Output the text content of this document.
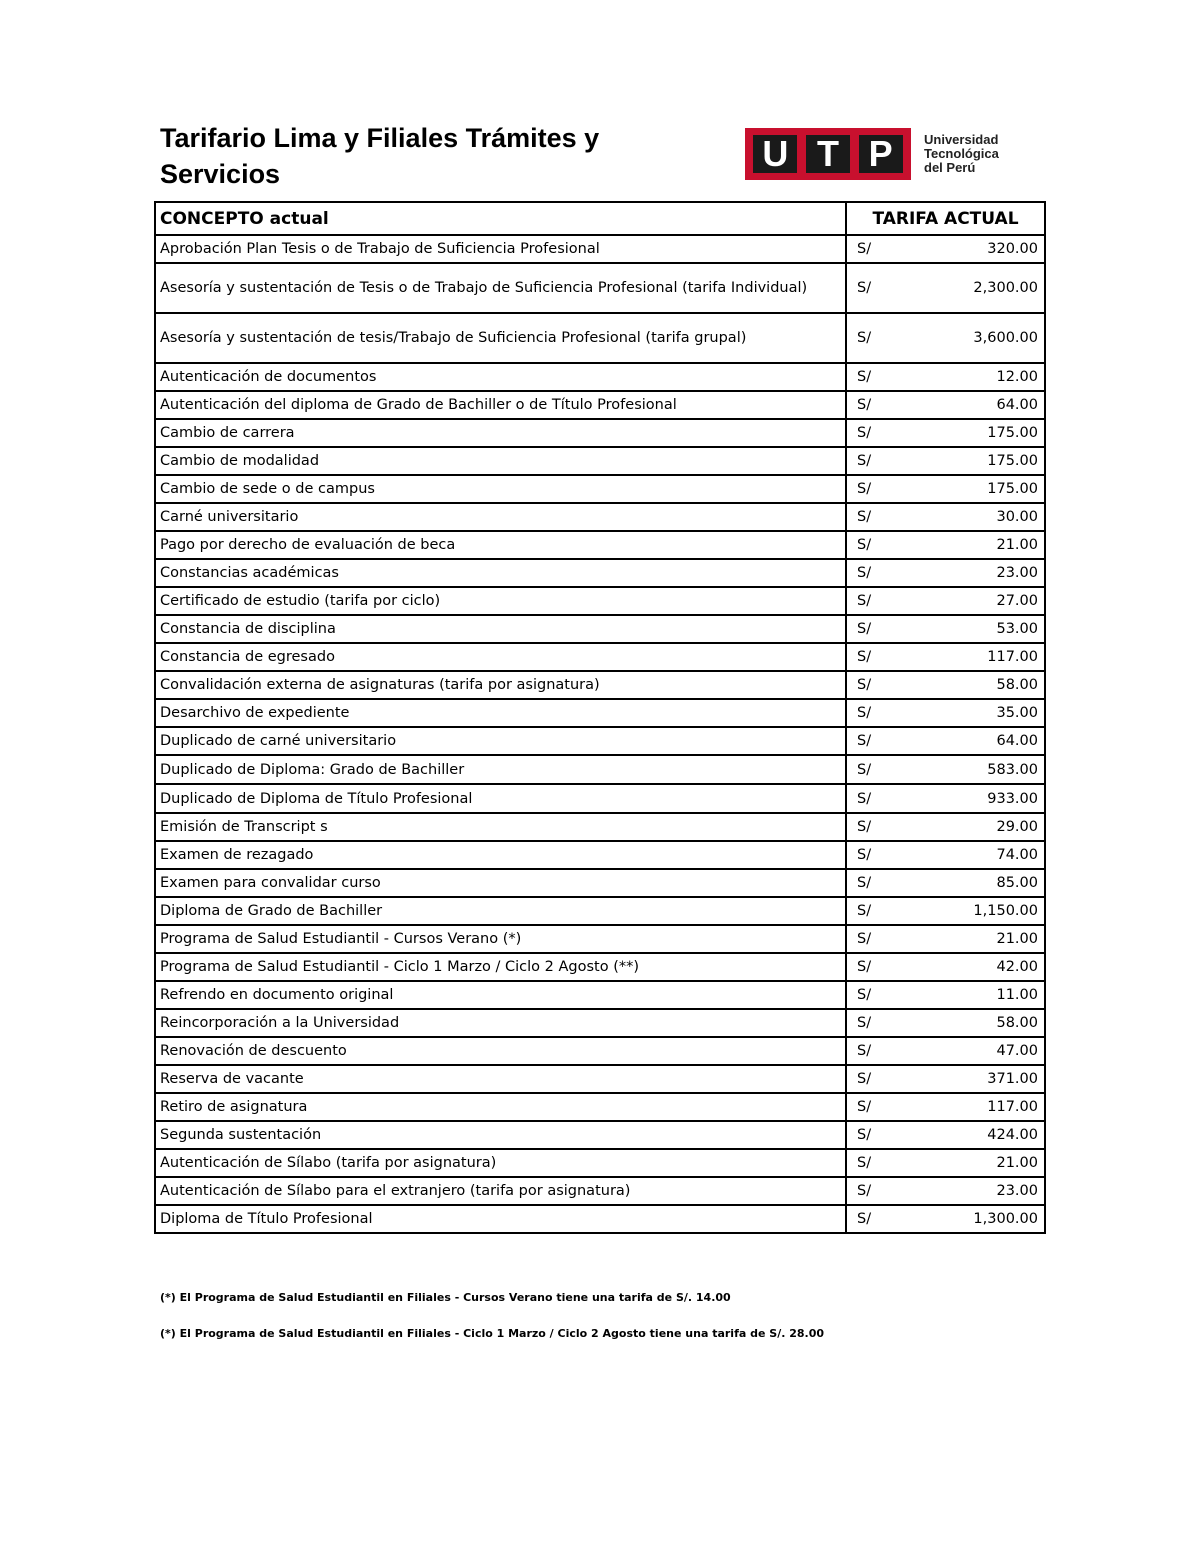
Tarifario Lima y Filiales Trámites y Servicios	U T P	Universidad
Tecnológica
del Perú
CONCEPTO actual	TARIFA ACTUAL
Aprobación Plan Tesis o de Trabajo de Suficiencia Profesional	S/ 320.00

Asesoría y sustentación de Tesis o de Trabajo de Suficiencia Profesional (tarifa Individual)	S/ 2,300.00

Asesoría y sustentación de tesis/Trabajo de Suficiencia Profesional (tarifa grupal)	S/ 3,600.00

Autenticación de documentos	S/ 12.00

Autenticación del diploma de Grado de Bachiller o de Título Profesional	S/ 64.00

Cambio de carrera	S/ 175.00

Cambio de modalidad	S/ 175.00

Cambio de sede o de campus	S/ 175.00

Carné universitario	S/ 30.00

Pago por derecho de evaluación de beca	S/ 21.00

Constancias académicas	S/ 23.00

Certificado de estudio (tarifa por ciclo)	S/ 27.00

Constancia de disciplina	S/ 53.00

Constancia de egresado	S/ 117.00

Convalidación externa de asignaturas (tarifa por asignatura)	S/ 58.00

Desarchivo de expediente	S/ 35.00

Duplicado de carné universitario	S/ 64.00

Duplicado de Diploma: Grado de Bachiller	S/ 583.00

Duplicado de Diploma de Título Profesional	S/ 933.00

Emisión de Transcript s	S/ 29.00

Examen de rezagado	S/ 74.00

Examen para convalidar curso	S/ 85.00

Diploma de Grado de Bachiller	S/ 1,150.00

Programa de Salud Estudiantil - Cursos Verano (*)	S/ 21.00

Programa de Salud Estudiantil - Ciclo 1 Marzo / Ciclo 2 Agosto (**)	S/ 42.00

Refrendo en documento original	S/ 11.00

Reincorporación a la Universidad	S/ 58.00

Renovación de descuento	S/ 47.00

Reserva de vacante	S/ 371.00

Retiro de asignatura	S/ 117.00

Segunda sustentación	S/ 424.00

Autenticación de Sílabo (tarifa por asignatura)	S/ 21.00

Autenticación de Sílabo para el extranjero (tarifa por asignatura)	S/ 23.00

Diploma de Título Profesional	S/ 1,300.00
(*) El Programa de Salud Estudiantil en Filiales - Cursos Verano tiene una tarifa de S/. 14.00
(*) El Programa de Salud Estudiantil en Filiales - Ciclo 1 Marzo / Ciclo 2 Agosto tiene una tarifa de S/. 28.00
